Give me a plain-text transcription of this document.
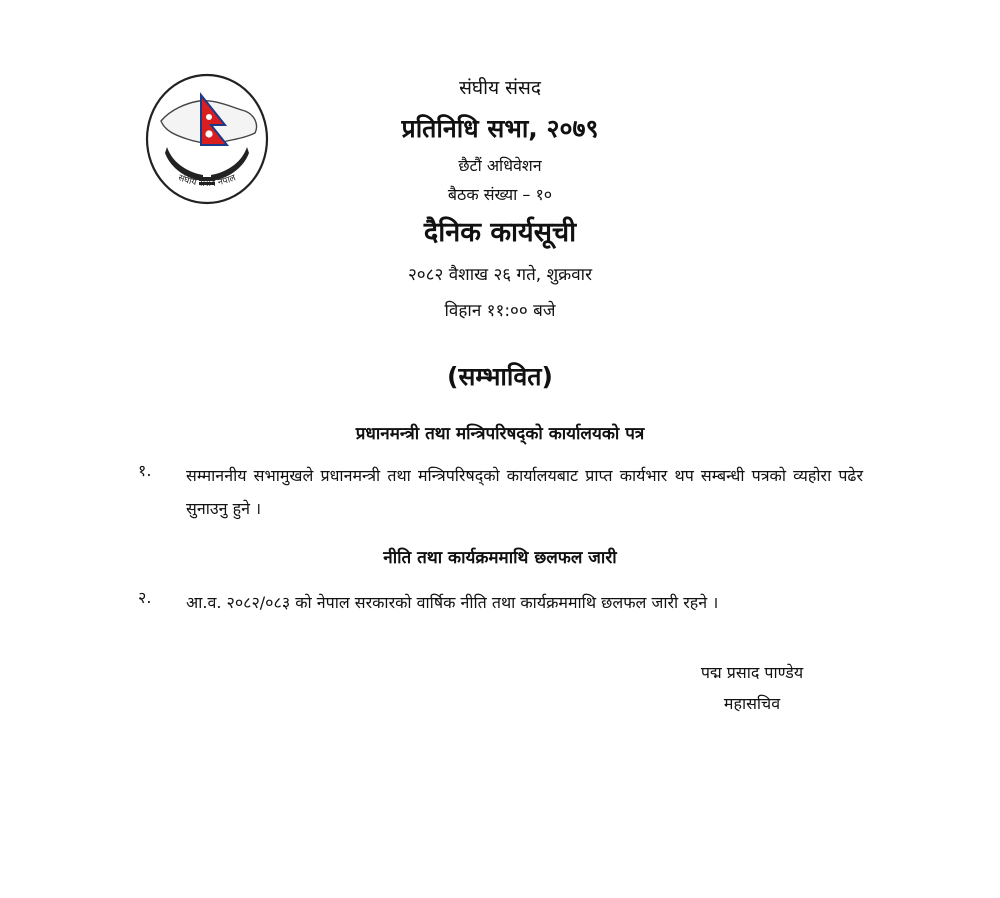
संघीय संसद नेपाल
संघीय संसद
प्रतिनिधि सभा, २०७९
छैटौं अधिवेशन
बैठक संख्या – १०
दैनिक कार्यसूची
२०८२ वैशाख २६ गते, शुक्रवार
विहान ११:०० बजे
(सम्भावित)
प्रधानमन्त्री तथा मन्त्रिपरिषद्को कार्यालयको पत्र
१.	सम्माननीय सभामुखले प्रधानमन्त्री तथा मन्त्रिपरिषद्को कार्यालयबाट प्राप्त कार्यभार थप सम्बन्धी पत्रको व्यहोरा पढेर सुनाउनु हुने ।
नीति तथा कार्यक्रममाथि छलफल जारी
२.	आ.व. २०८२/०८३ को नेपाल सरकारको वार्षिक नीति तथा कार्यक्रममाथि छलफल जारी रहने ।
पद्म प्रसाद पाण्डेय
महासचिव
